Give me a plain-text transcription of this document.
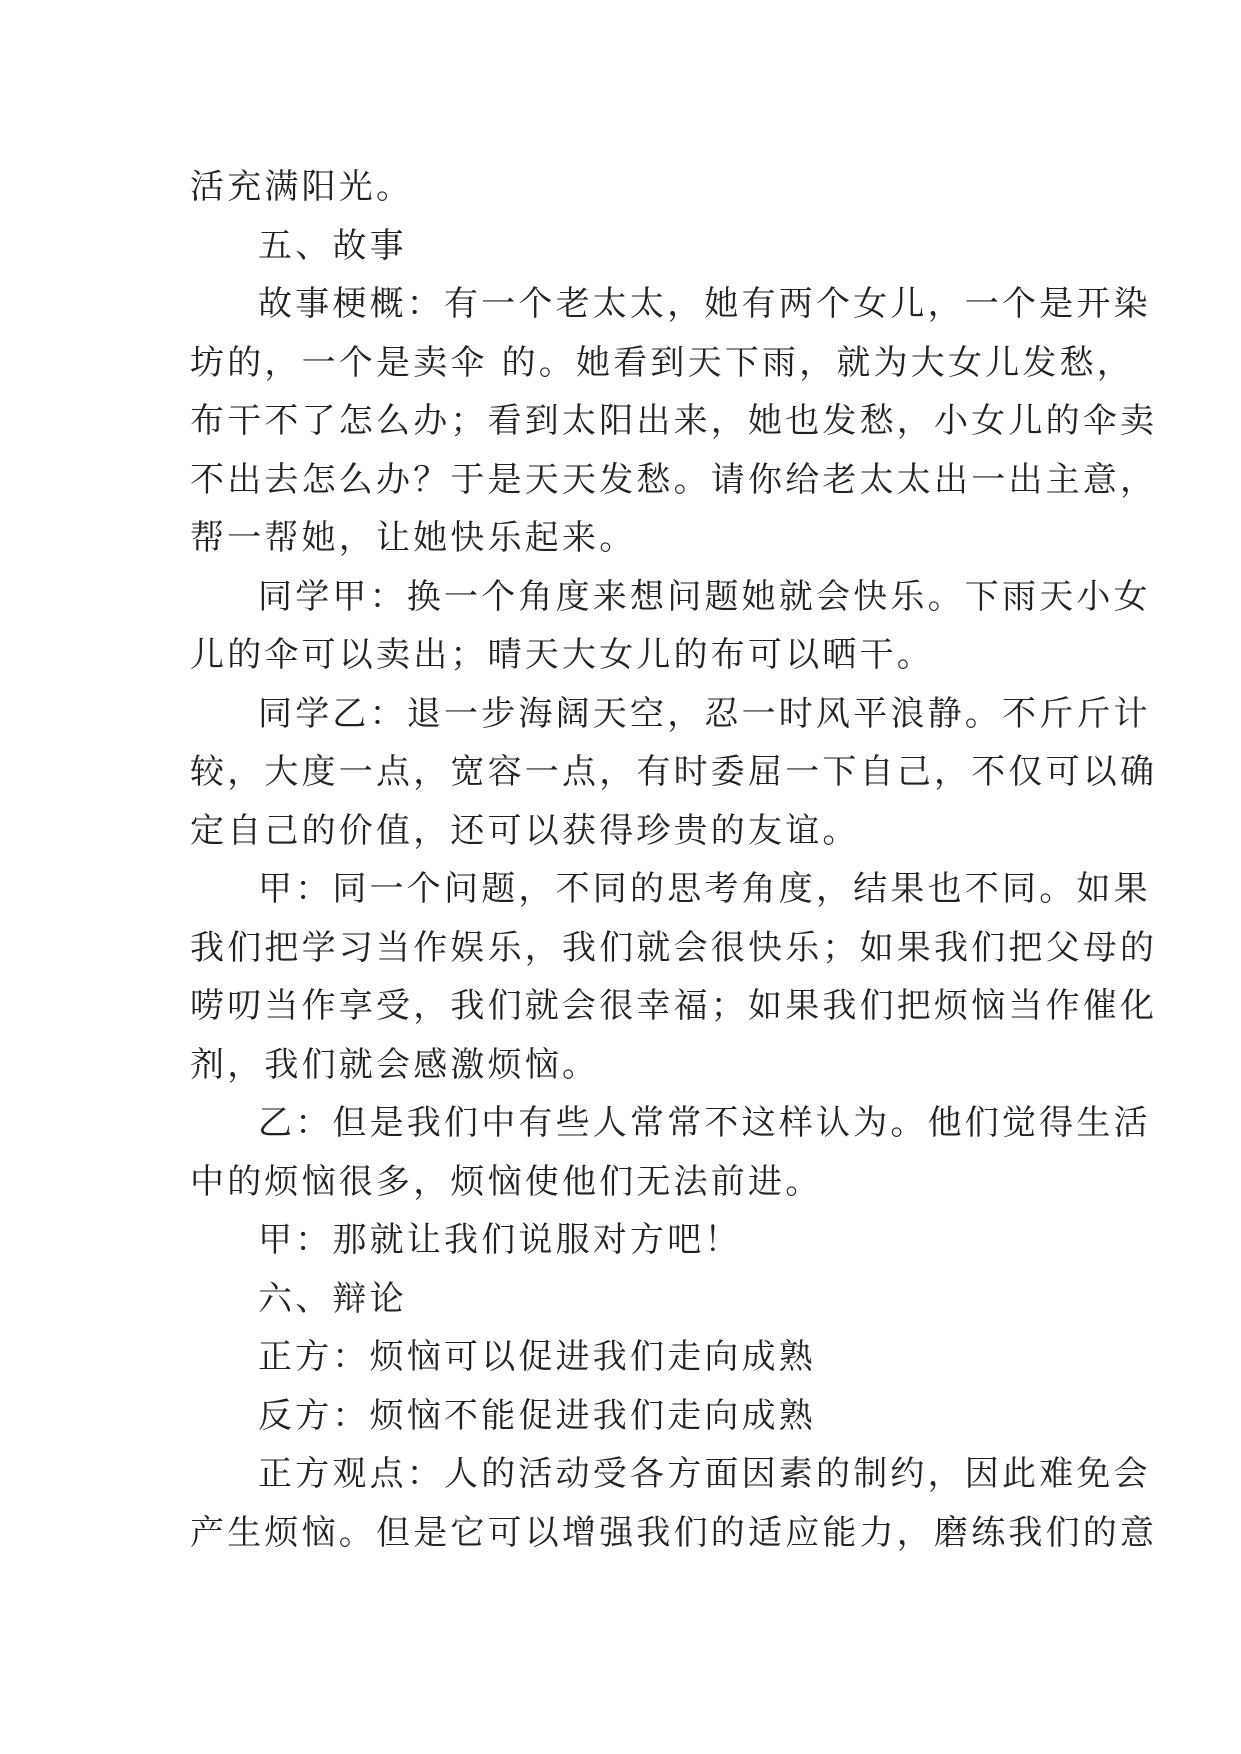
活充满阳光。
五、故事
故事梗概：有一个老太太，她有两个女儿，一个是开染
坊的，一个是卖伞 的。她看到天下雨，就为大女儿发愁，
布干不了怎么办；看到太阳出来，她也发愁，小女儿的伞卖
不出去怎么办？于是天天发愁。请你给老太太出一出主意，
帮一帮她，让她快乐起来。
同学甲：换一个角度来想问题她就会快乐。下雨天小女
儿的伞可以卖出；晴天大女儿的布可以晒干。
同学乙：退一步海阔天空，忍一时风平浪静。不斤斤计
较，大度一点，宽容一点，有时委屈一下自己，不仅可以确
定自己的价值，还可以获得珍贵的友谊。
甲：同一个问题，不同的思考角度，结果也不同。如果
我们把学习当作娱乐，我们就会很快乐；如果我们把父母的
唠叨当作享受，我们就会很幸福；如果我们把烦恼当作催化
剂，我们就会感激烦恼。
乙：但是我们中有些人常常不这样认为。他们觉得生活
中的烦恼很多，烦恼使他们无法前进。
甲：那就让我们说服对方吧！
六、辩论
正方：烦恼可以促进我们走向成熟
反方：烦恼不能促进我们走向成熟
正方观点：人的活动受各方面因素的制约，因此难免会
产生烦恼。但是它可以增强我们的适应能力，磨练我们的意
